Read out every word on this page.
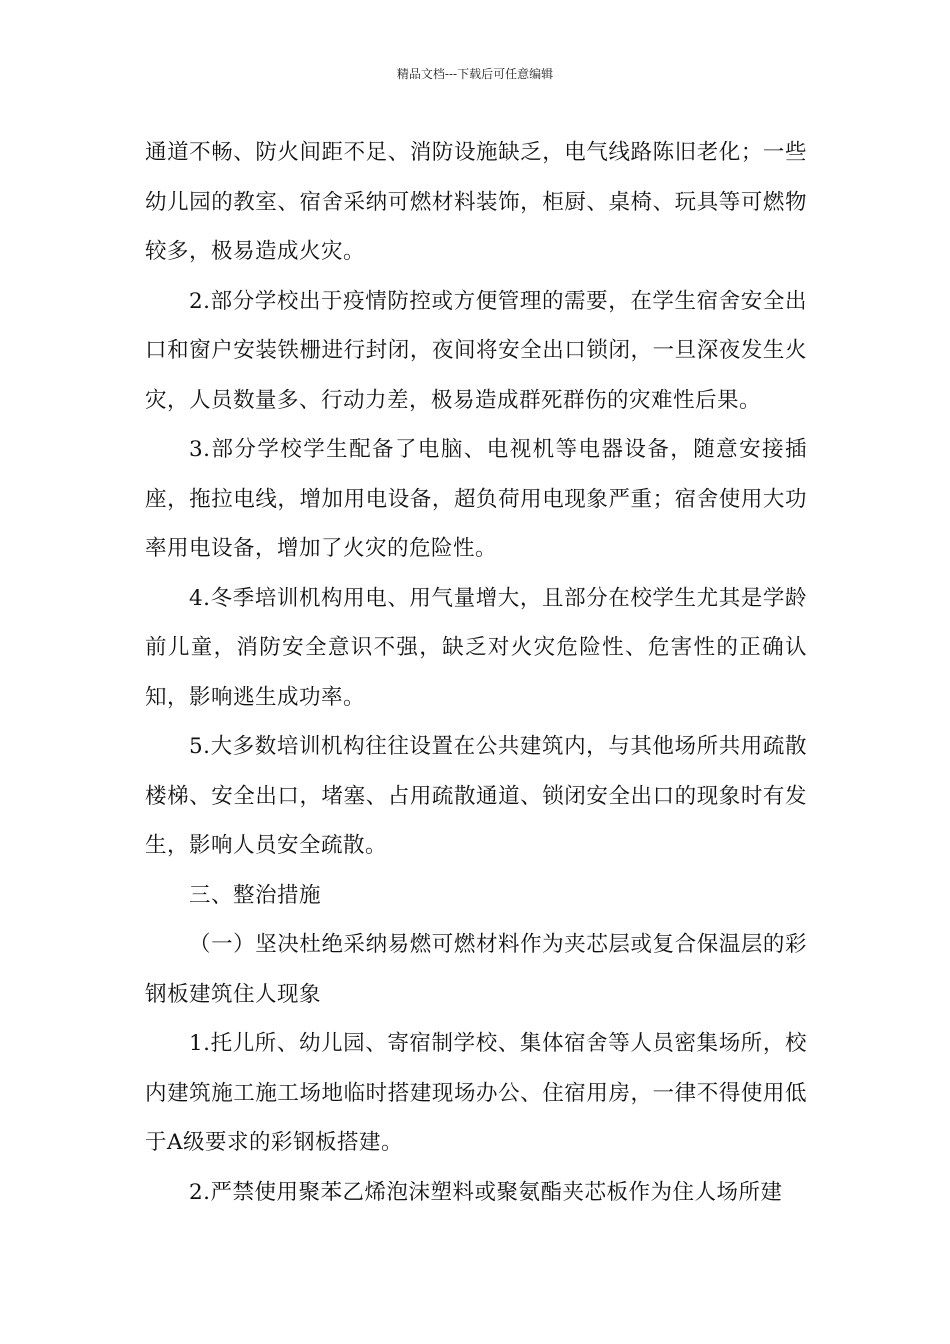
精品文档---下载后可任意编辑

通道不畅、防火间距不足、消防设施缺乏，电气线路陈旧老化；一些幼儿园的教室、宿舍采纳可燃材料装饰，柜厨、桌椅、玩具等可燃物较多，极易造成火灾。

2.部分学校出于疫情防控或方便管理的需要，在学生宿舍安全出口和窗户安装铁栅进行封闭，夜间将安全出口锁闭，一旦深夜发生火灾，人员数量多、行动力差，极易造成群死群伤的灾难性后果。

3.部分学校学生配备了电脑、电视机等电器设备，随意安接插座，拖拉电线，增加用电设备，超负荷用电现象严重；宿舍使用大功率用电设备，增加了火灾的危险性。

4.冬季培训机构用电、用气量增大，且部分在校学生尤其是学龄前儿童，消防安全意识不强，缺乏对火灾危险性、危害性的正确认知，影响逃生成功率。

5.大多数培训机构往往设置在公共建筑内，与其他场所共用疏散楼梯、安全出口，堵塞、占用疏散通道、锁闭安全出口的现象时有发生，影响人员安全疏散。

三、整治措施

（一）坚决杜绝采纳易燃可燃材料作为夹芯层或复合保温层的彩钢板建筑住人现象

1.托儿所、幼儿园、寄宿制学校、集体宿舍等人员密集场所，校内建筑施工施工场地临时搭建现场办公、住宿用房，一律不得使用低于A级要求的彩钢板搭建。

2.严禁使用聚苯乙烯泡沫塑料或聚氨酯夹芯板作为住人场所建
